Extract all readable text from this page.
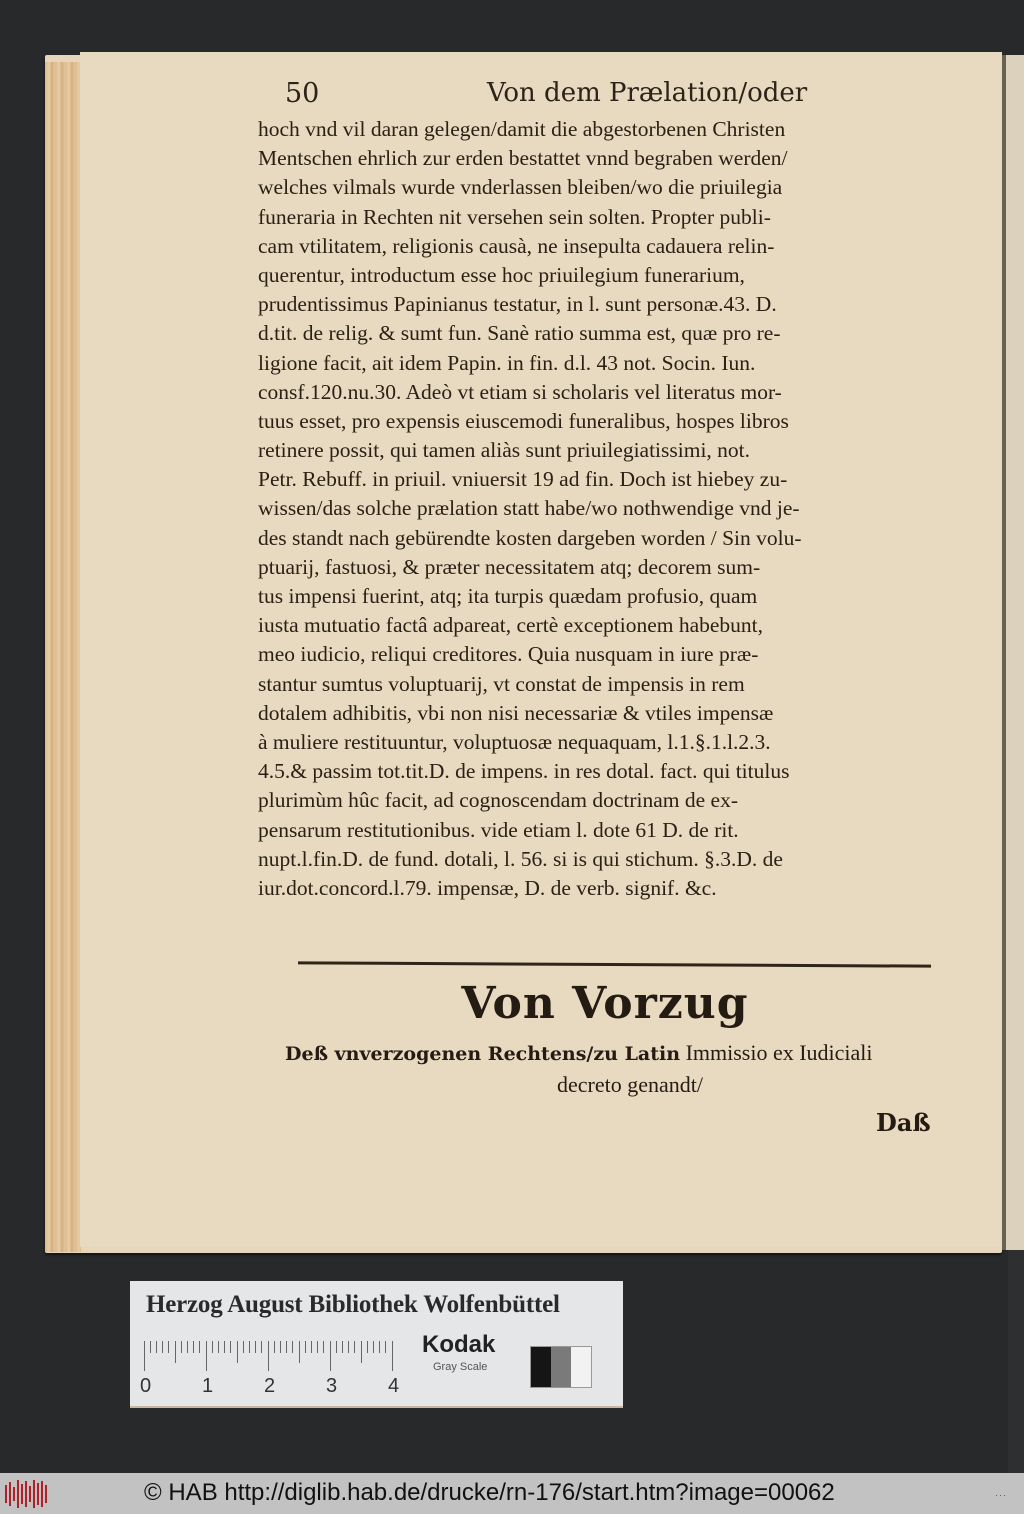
50	Von dem Prælation/oder
hoch vnd vil daran gelegen/damit die abgestorbenen Christen
Mentschen ehrlich zur erden bestattet vnnd begraben werden/
welches vilmals wurde vnderlassen bleiben/wo die priuilegia
funeraria in Rechten nit versehen sein solten. Propter publi-
cam vtilitatem, religionis causà, ne insepulta cadauera relin-
querentur, introductum esse hoc priuilegium funerarium,
prudentissimus Papinianus testatur, in l. sunt personæ.43. D.
d.tit. de relig. & sumt fun. Sanè ratio summa est, quæ pro re-
ligione facit, ait idem Papin. in fin. d.l. 43 not. Socin. Iun.
consf.120.nu.30. Adeò vt etiam si scholaris vel literatus mor-
tuus esset, pro expensis eiuscemodi funeralibus, hospes libros
retinere possit, qui tamen aliàs sunt priuilegiatissimi, not.
Petr. Rebuff. in priuil. vniuersit 19 ad fin. Doch ist hiebey zu-
wissen/das solche prælation statt habe/wo nothwendige vnd je-
des standt nach gebürendte kosten dargeben worden / Sin volu-
ptuarij, fastuosi, & præter necessitatem atq; decorem sum-
tus impensi fuerint, atq; ita turpis quædam profusio, quam
iusta mutuatio factâ adpareat, certè exceptionem habebunt,
meo iudicio, reliqui creditores. Quia nusquam in iure præ-
stantur sumtus voluptuarij, vt constat de impensis in rem
dotalem adhibitis, vbi non nisi necessariæ & vtiles impensæ
à muliere restituuntur, voluptuosæ nequaquam, l.1.§.1.l.2.3.
4.5.& passim tot.tit.D. de impens. in res dotal. fact. qui titulus
plurimùm hûc facit, ad cognoscendam doctrinam de ex-
pensarum restitutionibus. vide etiam l. dote 61 D. de rit.
nupt.l.fin.D. de fund. dotali, l. 56. si is qui stichum. §.3.D. de
iur.dot.concord.l.79. impensæ, D. de verb. signif. &c.
Von Vorzug
Deß vnverzogenen Rechtens/zu Latin Immissio ex Iudiciali
decreto genandt/
Daß
Herzog August Bibliothek Wolfenbüttel
0	1	2	3	4
Kodak
Gray Scale
© HAB http://diglib.hab.de/drucke/rn-176/start.htm?image=00062	···
